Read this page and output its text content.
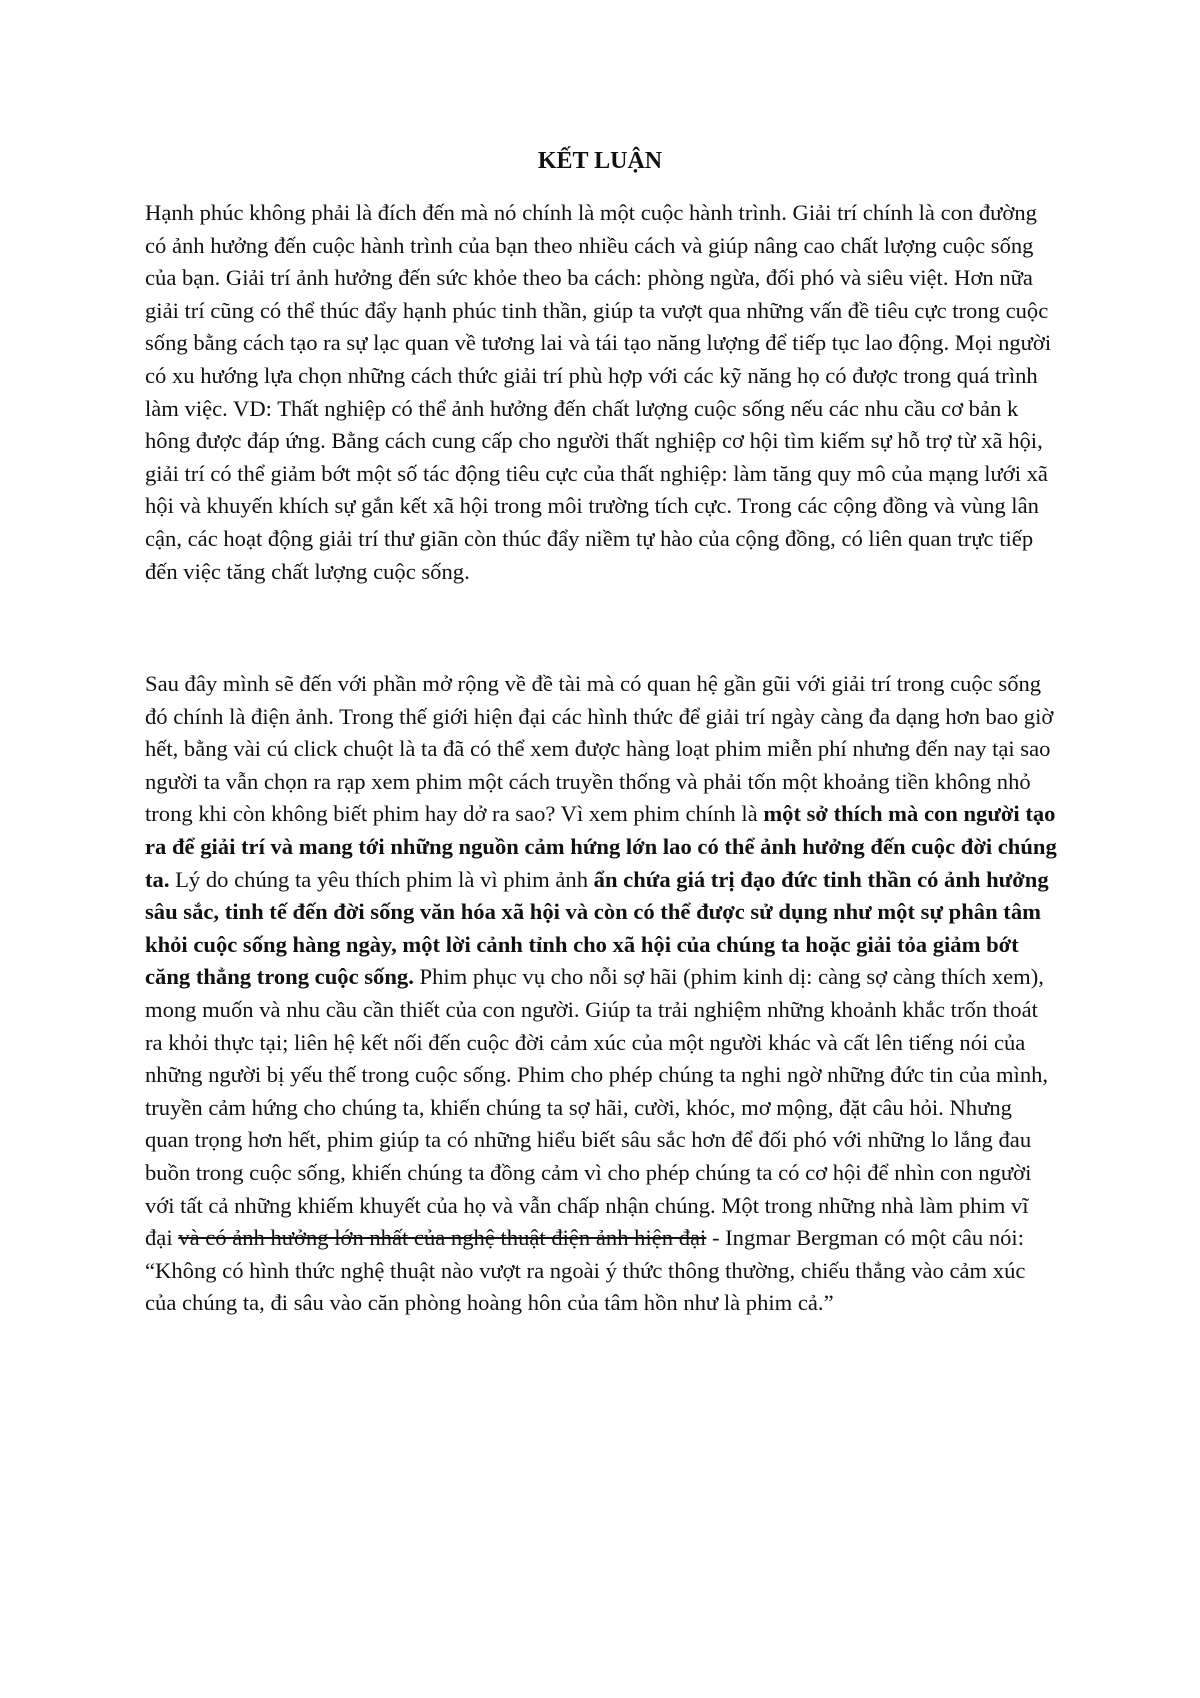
KẾT LUẬN

Hạnh phúc không phải là đích đến mà nó chính là một cuộc hành trình. Giải trí chính là con đường có ảnh hưởng đến cuộc hành trình của bạn theo nhiều cách và giúp nâng cao chất lượng cuộc sống của bạn. Giải trí ảnh hưởng đến sức khỏe theo ba cách: phòng ngừa, đối phó và siêu việt. Hơn nữa giải trí cũng có thể thúc đẩy hạnh phúc tinh thần, giúp ta vượt qua những vấn đề tiêu cực trong cuộc sống bằng cách tạo ra sự lạc quan về tương lai và tái tạo năng lượng để tiếp tục lao động. Mọi người có xu hướng lựa chọn những cách thức giải trí phù hợp với các kỹ năng họ có được trong quá trình làm việc. VD: Thất nghiệp có thể ảnh hưởng đến chất lượng cuộc sống nếu các nhu cầu cơ bản k hông được đáp ứng. Bằng cách cung cấp cho người thất nghiệp cơ hội tìm kiếm sự hỗ trợ từ xã hội, giải trí có thể giảm bớt một số tác động tiêu cực của thất nghiệp: làm tăng quy mô của mạng lưới xã hội và khuyến khích sự gắn kết xã hội trong môi trường tích cực. Trong các cộng đồng và vùng lân cận, các hoạt động giải trí thư giãn còn thúc đẩy niềm tự hào của cộng đồng, có liên quan trực tiếp đến việc tăng chất lượng cuộc sống.

Sau đây mình sẽ đến với phần mở rộng về đề tài mà có quan hệ gần gũi với giải trí trong cuộc sống đó chính là điện ảnh. Trong thế giới hiện đại các hình thức để giải trí ngày càng đa dạng hơn bao giờ hết, bằng vài cú click chuột là ta đã có thể xem được hàng loạt phim miễn phí nhưng đến nay tại sao người ta vẫn chọn ra rạp xem phim một cách truyền thống và phải tốn một khoảng tiền không nhỏ trong khi còn không biết phim hay dở ra sao? Vì xem phim chính là một sở thích mà con người tạo ra để giải trí và mang tới những nguồn cảm hứng lớn lao có thể ảnh hưởng đến cuộc đời chúng ta. Lý do chúng ta yêu thích phim là vì phim ảnh ẩn chứa giá trị đạo đức tinh thần có ảnh hưởng sâu sắc, tinh tế đến đời sống văn hóa xã hội và còn có thể được sử dụng như một sự phân tâm khỏi cuộc sống hàng ngày, một lời cảnh tỉnh cho xã hội của chúng ta hoặc giải tỏa giảm bớt căng thẳng trong cuộc sống. Phim phục vụ cho nỗi sợ hãi (phim kinh dị: càng sợ càng thích xem), mong muốn và nhu cầu cần thiết của con người. Giúp ta trải nghiệm những khoảnh khắc trốn thoát ra khỏi thực tại; liên hệ kết nối đến cuộc đời cảm xúc của một người khác và cất lên tiếng nói của những người bị yếu thế trong cuộc sống. Phim cho phép chúng ta nghi ngờ những đức tin của mình, truyền cảm hứng cho chúng ta, khiến chúng ta sợ hãi, cười, khóc, mơ mộng, đặt câu hỏi. Nhưng quan trọng hơn hết, phim giúp ta có những hiểu biết sâu sắc hơn để đối phó với những lo lắng đau buồn trong cuộc sống, khiến chúng ta đồng cảm vì cho phép chúng ta có cơ hội để nhìn con người với tất cả những khiếm khuyết của họ và vẫn chấp nhận chúng. Một trong những nhà làm phim vĩ đại và có ảnh hưởng lớn nhất của nghệ thuật điện ảnh hiện đại - Ingmar Bergman có một câu nói: “Không có hình thức nghệ thuật nào vượt ra ngoài ý thức thông thường, chiếu thẳng vào cảm xúc của chúng ta, đi sâu vào căn phòng hoàng hôn của tâm hồn như là phim cả.”
